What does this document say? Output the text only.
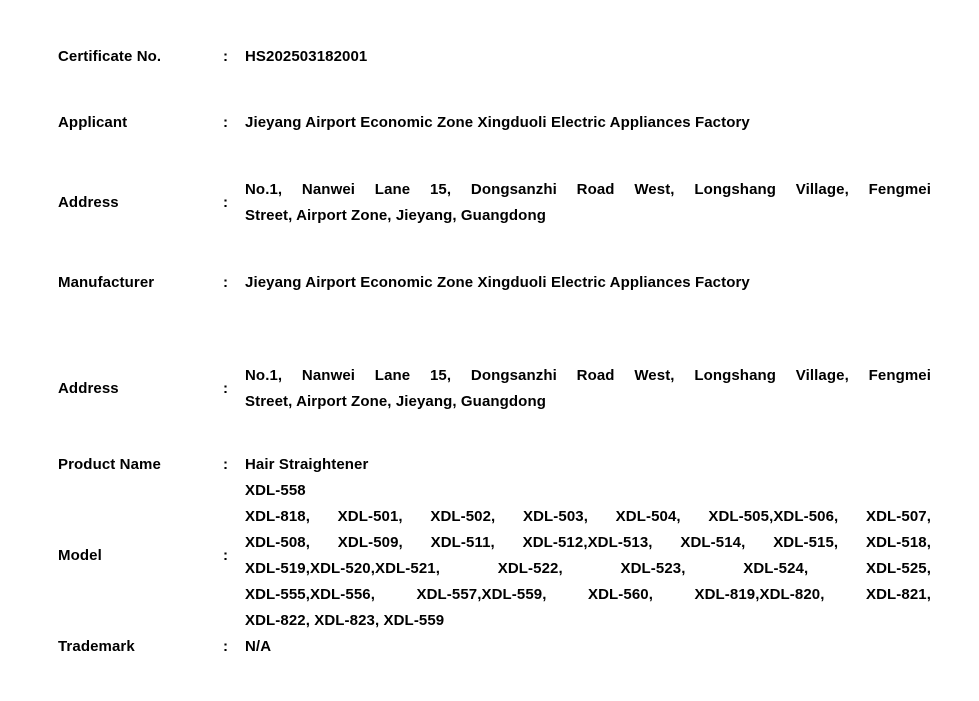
Certificate No.	:	HS202503182001
Applicant	:	Jieyang Airport Economic Zone Xingduoli Electric Appliances Factory
Address	:
No.1, Nanwei Lane 15, Dongsanzhi Road West, Longshang Village, Fengmei
Street, Airport Zone, Jieyang, Guangdong
Manufacturer	:	Jieyang Airport Economic Zone Xingduoli Electric Appliances Factory
Address	:
No.1, Nanwei Lane 15, Dongsanzhi Road West, Longshang Village, Fengmei
Street, Airport Zone, Jieyang, Guangdong
Product Name	:	Hair Straightener
Model	:
XDL-558
XDL-818, XDL-501, XDL-502, XDL-503, XDL-504, XDL-505,XDL-506, XDL-507,
XDL-508, XDL-509, XDL-511, XDL-512,XDL-513, XDL-514, XDL-515, XDL-518,
XDL-519,XDL-520,XDL-521,    XDL-522,    XDL-523,    XDL-524,    XDL-525,
XDL-555,XDL-556,  XDL-557,XDL-559,  XDL-560,  XDL-819,XDL-820,  XDL-821,
XDL-822, XDL-823, XDL-559
Trademark	:	N/A
